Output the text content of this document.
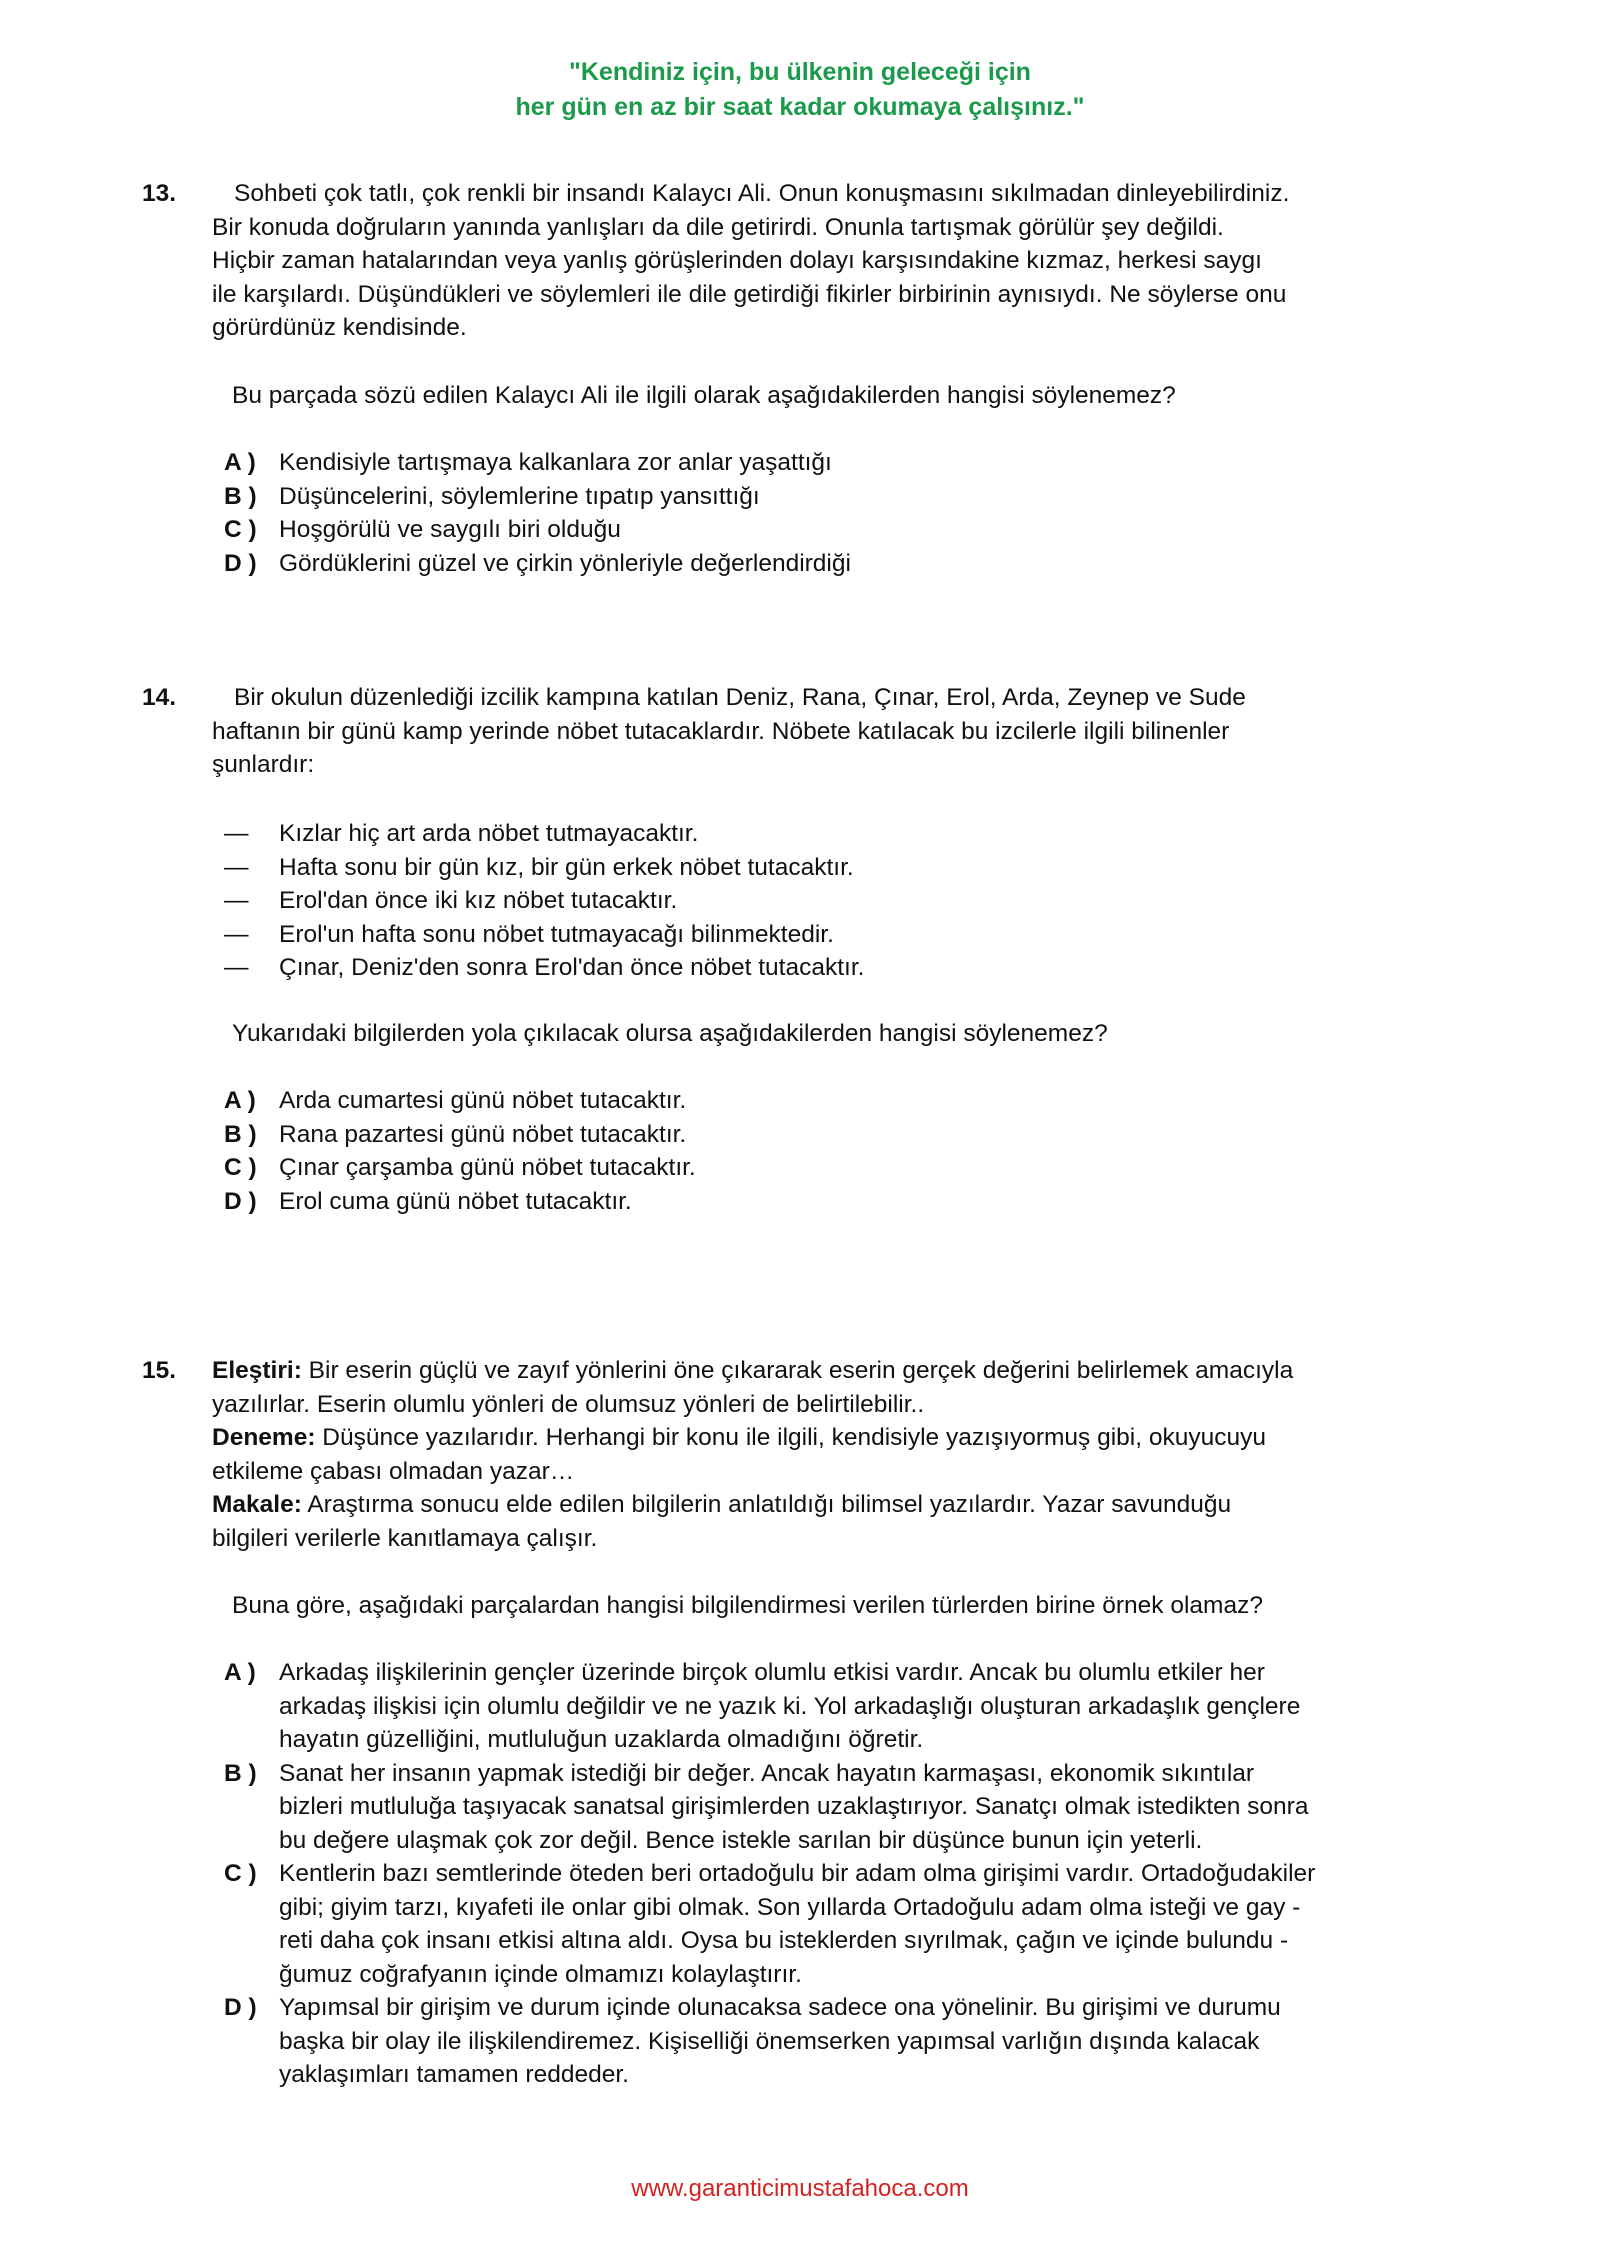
"Kendiniz için, bu ülkenin geleceği için
her gün en az bir saat kadar okumaya çalışınız."
13.	Sohbeti çok tatlı, çok renkli bir insandı Kalaycı Ali. Onun konuşmasını sıkılmadan dinleyebilirdiniz.

Bir konuda doğruların yanında yanlışları da dile getirirdi. Onunla tartışmak görülür şey değildi.

Hiçbir zaman hatalarından veya yanlış görüşlerinden dolayı karşısındakine kızmaz, herkesi saygı

ile karşılardı. Düşündükleri ve söylemleri ile dile getirdiği fikirler birbirinin aynısıydı. Ne söylerse onu

görürdünüz kendisinde.

Bu parçada sözü edilen Kalaycı Ali ile ilgili olarak aşağıdakilerden hangisi söylenemez?
A ) Kendisiyle tartışmaya kalkanlara zor anlar yaşattığı
B ) Düşüncelerini, söylemlerine tıpatıp yansıttığı
C ) Hoşgörülü ve saygılı biri olduğu
D ) Gördüklerini güzel ve çirkin yönleriyle değerlendirdiği
14.	Bir okulun düzenlediği izcilik kampına katılan Deniz, Rana, Çınar, Erol, Arda, Zeynep ve Sude

haftanın bir günü kamp yerinde nöbet tutacaklardır. Nöbete katılacak bu izcilerle ilgili bilinenler

şunlardır:

— Kızlar hiç art arda nöbet tutmayacaktır.
— Hafta sonu bir gün kız, bir gün erkek nöbet tutacaktır.
— Erol'dan önce iki kız nöbet tutacaktır.
— Erol'un hafta sonu nöbet tutmayacağı bilinmektedir.
— Çınar, Deniz'den sonra Erol'dan önce nöbet tutacaktır.
Yukarıdaki bilgilerden yola çıkılacak olursa aşağıdakilerden hangisi söylenemez?
A ) Arda cumartesi günü nöbet tutacaktır.
B ) Rana pazartesi günü nöbet tutacaktır.
C ) Çınar çarşamba günü nöbet tutacaktır.
D ) Erol cuma günü nöbet tutacaktır.
15. Eleştiri: Bir eserin güçlü ve zayıf yönlerini öne çıkararak eserin gerçek değerini belirlemek amacıyla

yazılırlar. Eserin olumlu yönleri de olumsuz yönleri de belirtilebilir..

Deneme: Düşünce yazılarıdır. Herhangi bir konu ile ilgili, kendisiyle yazışıyormuş gibi, okuyucuyu

etkileme çabası olmadan yazar…

Makale: Araştırma sonucu elde edilen bilgilerin anlatıldığı bilimsel yazılardır. Yazar savunduğu

bilgileri verilerle kanıtlamaya çalışır.

Buna göre, aşağıdaki parçalardan hangisi bilgilendirmesi verilen türlerden birine örnek olamaz?
A ) Arkadaş ilişkilerinin gençler üzerinde birçok olumlu etkisi vardır. Ancak bu olumlu etkiler her
arkadaş ilişkisi için olumlu değildir ve ne yazık ki. Yol arkadaşlığı oluşturan arkadaşlık gençlere
hayatın güzelliğini, mutluluğun uzaklarda olmadığını öğretir.
B ) Sanat her insanın yapmak istediği bir değer. Ancak hayatın karmaşası, ekonomik sıkıntılar
bizleri mutluluğa taşıyacak sanatsal girişimlerden uzaklaştırıyor. Sanatçı olmak istedikten sonra
bu değere ulaşmak çok zor değil. Bence istekle sarılan bir düşünce bunun için yeterli.
C ) Kentlerin bazı semtlerinde öteden beri ortadoğulu bir adam olma girişimi vardır. Ortadoğudakiler
gibi; giyim tarzı, kıyafeti ile onlar gibi olmak. Son yıllarda Ortadoğulu adam olma isteği ve gay -
reti daha çok insanı etkisi altına aldı. Oysa bu isteklerden sıyrılmak, çağın ve içinde bulundu -
ğumuz coğrafyanın içinde olmamızı kolaylaştırır.
D ) Yapımsal bir girişim ve durum içinde olunacaksa sadece ona yönelinir. Bu girişimi ve durumu
başka bir olay ile ilişkilendiremez. Kişiselliği önemserken yapımsal varlığın dışında kalacak
yaklaşımları tamamen reddeder.
www.garanticimustafahoca.com
